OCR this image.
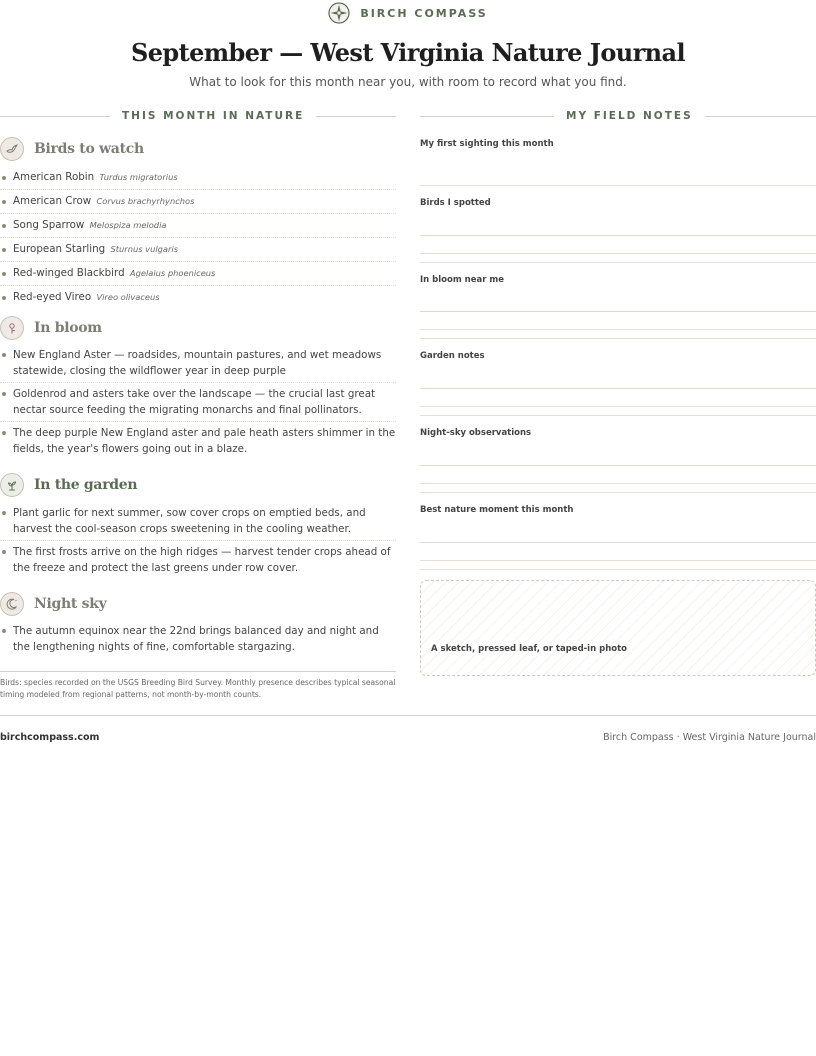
BIRCH COMPASS
September — West Virginia Nature Journal
What to look for this month near you, with room to record what you find.
THIS MONTH IN NATURE	MY FIELD NOTES
Birds to watch
American Robin Turdus migratorius
American Crow Corvus brachyrhynchos
Song Sparrow Melospiza melodia
European Starling Sturnus vulgaris
Red-winged Blackbird Agelaius phoeniceus
Red-eyed Vireo Vireo olivaceus
In bloom
New England Aster — roadsides, mountain pastures, and wet meadows statewide, closing the wildflower year in deep purple
Goldenrod and asters take over the landscape — the crucial last great nectar source feeding the migrating monarchs and final pollinators.
The deep purple New England aster and pale heath asters shimmer in the fields, the year's flowers going out in a blaze.
In the garden
Plant garlic for next summer, sow cover crops on emptied beds, and harvest the cool-season crops sweetening in the cooling weather.
The first frosts arrive on the high ridges — harvest tender crops ahead of the freeze and protect the last greens under row cover.
Night sky
The autumn equinox near the 22nd brings balanced day and night and the lengthening nights of fine, comfortable stargazing.
Birds: species recorded on the USGS Breeding Bird Survey. Monthly presence describes typical seasonal timing modeled from regional patterns, not month-by-month counts.
My first sighting this month
Birds I spotted
In bloom near me
Garden notes
Night-sky observations
Best nature moment this month
A sketch, pressed leaf, or taped-in photo
birchcompass.com	Birch Compass · West Virginia Nature Journal
